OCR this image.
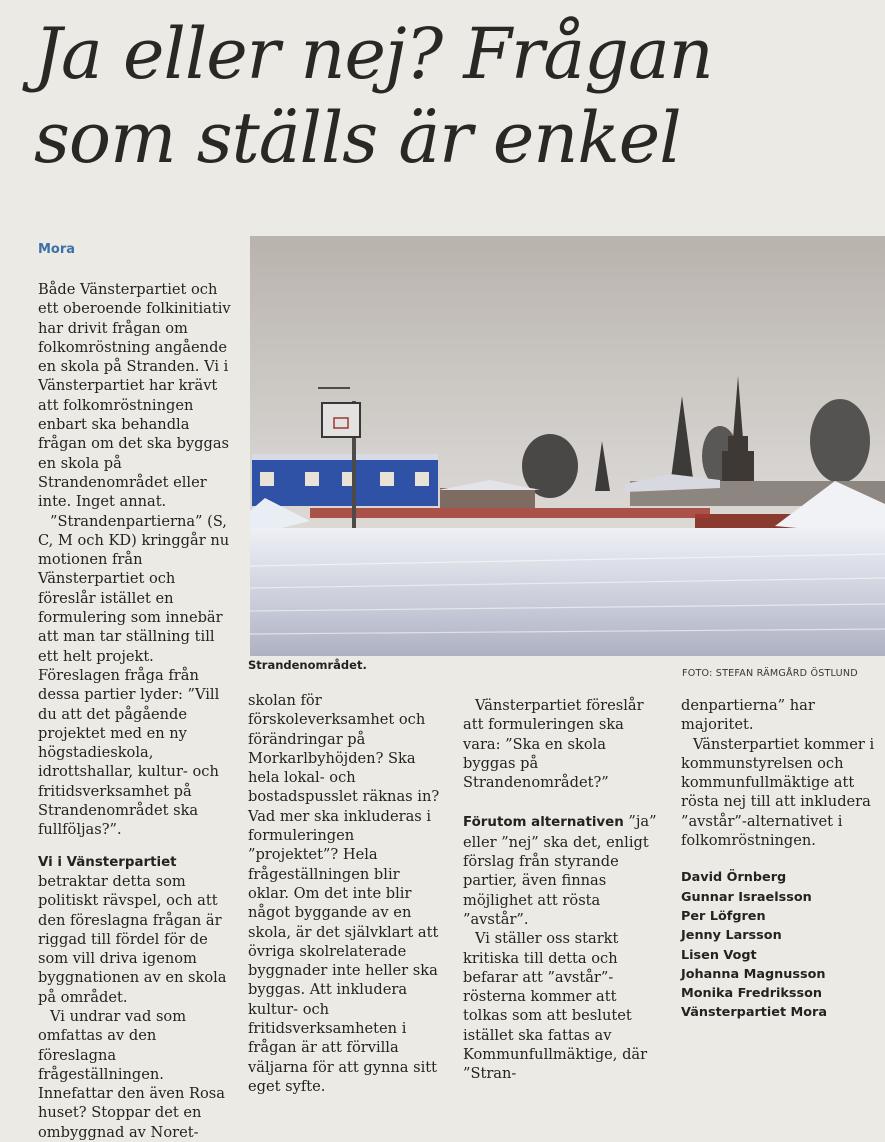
Ja eller nej? Frågan
som ställs är enkel
Mora

Både Vänsterpartiet och ett oberoende folkinitiativ har drivit frågan om folkomröstning angående en skola på Stranden. Vi i Vänsterpartiet har krävt att folkomröstningen enbart ska behandla frågan om det ska byggas en skola på Strandenområdet eller inte. Inget annat.

”Strandenpartierna” (S, C, M och KD) kringgår nu motionen från Vänsterpartiet och föreslår istället en formulering som innebär att man tar ställning till ett helt projekt. Föreslagen fråga från dessa partier lyder: ”Vill du att det pågående projektet med en ny högstadieskola, idrottshallar, kultur- och fritidsverksamhet på Strandenområdet ska fullföljas?”.

Vi i Vänsterpartiet betraktar detta som politiskt rävspel, och att den föreslagna frågan är riggad till fördel för de som vill driva igenom byggnationen av en skola på området.

Vi undrar vad som omfattas av den föreslagna frågeställningen. Innefattar den även Rosa huset? Stoppar det en ombyggnad av Noret-

Strandenområdet.
FOTO: STEFAN RÄMGÅRD ÖSTLUND

skolan för förskoleverksamhet och förändringar på Morkarlbyhöjden? Ska hela lokal- och bostadspusslet räknas in? Vad mer ska inkluderas i formuleringen ”projektet”? Hela frågeställningen blir oklar. Om det inte blir något byggande av en skola, är det självklart att övriga skolrelaterade byggnader inte heller ska byggas. Att inkludera kultur- och fritidsverksamheten i frågan är att förvilla väljarna för att gynna sitt eget syfte.

Vänsterpartiet föreslår att formuleringen ska vara: ”Ska en skola byggas på Strandenområdet?”

Förutom alternativen ”ja” eller ”nej” ska det, enligt förslag från styrande partier, även finnas möjlighet att rösta ”avstår”.

Vi ställer oss starkt kritiska till detta och befarar att ”avstår”-rösterna kommer att tolkas som att beslutet istället ska fattas av Kommunfullmäktige, där ”Stran-

denpartierna” har majoritet.

Vänsterpartiet kommer i kommunstyrelsen och kommunfullmäktige att rösta nej till att inkludera ”avstår”-alternativet i folkomröstningen.

David Örnberg
Gunnar Israelsson
Per Löfgren
Jenny Larsson
Lisen Vogt
Johanna Magnusson
Monika Fredriksson
Vänsterpartiet Mora
